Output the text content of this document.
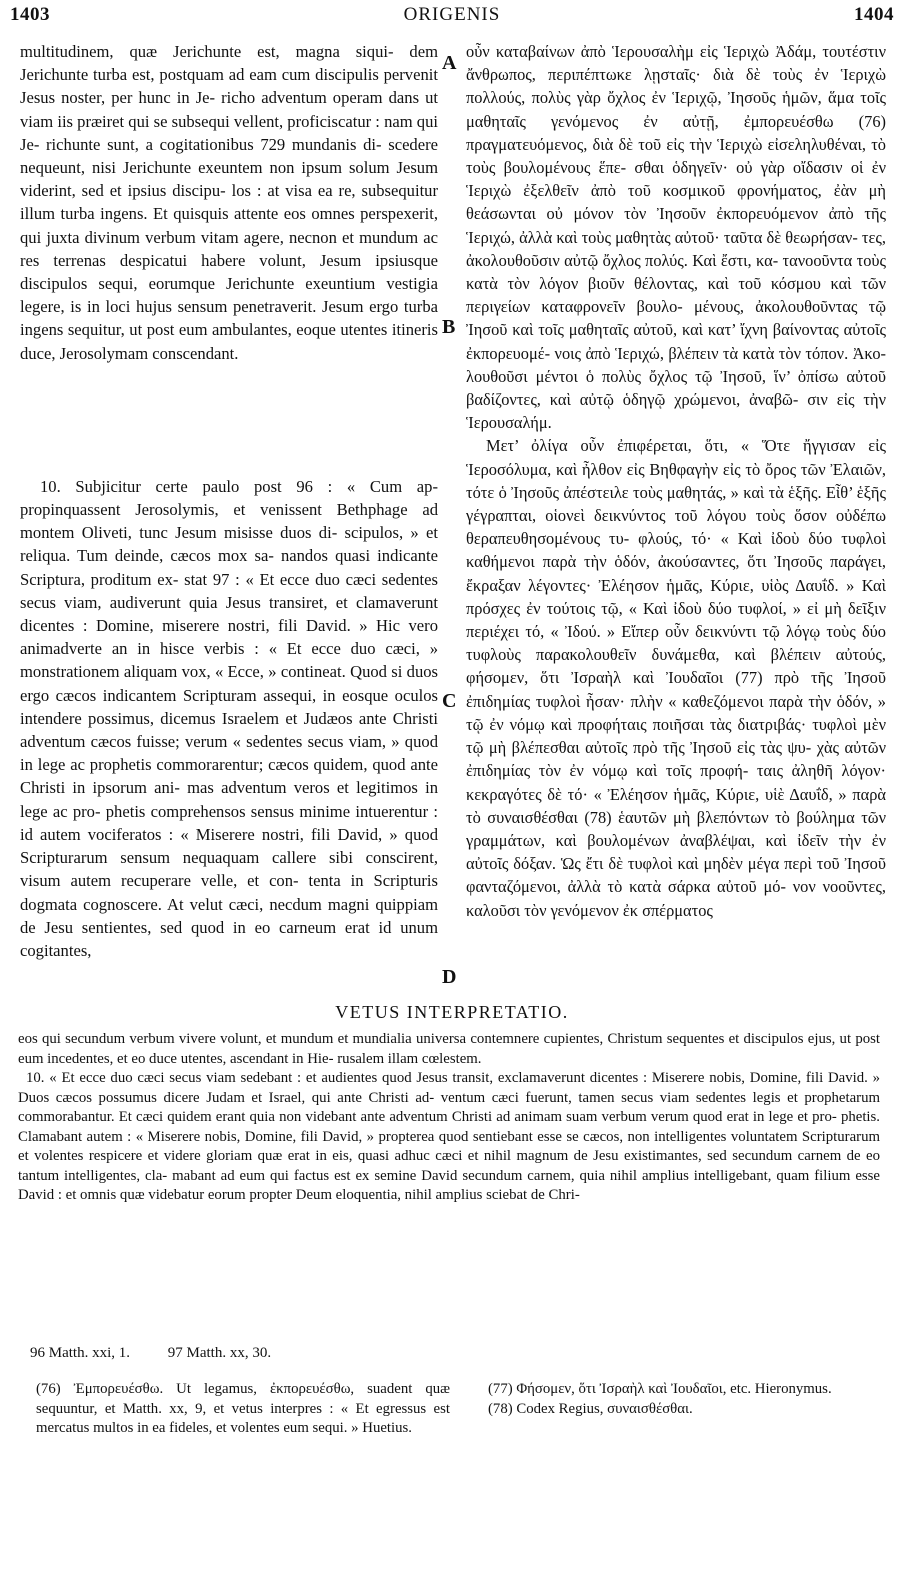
1403	ORIGENIS	1404

multitudinem, quæ Jerichunte est, magna siqui- dem Jerichunte turba est, postquam ad eam cum discipulis pervenit Jesus noster, per hunc in Je- richo adventum operam dans ut viam iis præiret qui se subsequi vellent, proficiscatur : nam qui Je- richunte sunt, a cogitationibus 729 mundanis di- scedere nequeunt, nisi Jerichunte exeuntem non ipsum solum Jesum viderint, sed et ipsius discipu- los : at visa ea re, subsequitur illum turba ingens. Et quisquis attente eos omnes perspexerit, qui juxta divinum verbum vitam agere, necnon et mundum ac res terrenas despicatui habere volunt, Jesum ipsiusque discipulos sequi, eorumque Jerichunte exeuntium vestigia legere, is in loci hujus sensum penetraverit. Jesum ergo turba ingens sequitur, ut post eum ambulantes, eoque utentes itineris duce, Jerosolymam conscendant.

10. Subjicitur certe paulo post 96 : « Cum ap- propinquassent Jerosolymis, et venissent Bethphage ad montem Oliveti, tunc Jesum misisse duos di- scipulos, » et reliqua. Tum deinde, cæcos mox sa- nandos quasi indicante Scriptura, proditum ex- stat 97 : « Et ecce duo cæci sedentes secus viam, audiverunt quia Jesus transiret, et clamaverunt dicentes : Domine, miserere nostri, fili David. » Hic vero animadverte an in hisce verbis : « Et ecce duo cæci, » monstrationem aliquam vox, « Ecce, » contineat. Quod si duos ergo cæcos indicantem Scripturam assequi, in eosque oculos intendere possimus, dicemus Israelem et Judæos ante Christi adventum cæcos fuisse; verum « sedentes secus viam, » quod in lege ac prophetis commorarentur; cæcos quidem, quod ante Christi in ipsorum ani- mas adventum veros et legitimos in lege ac pro- phetis comprehensos sensus minime intuerentur : id autem vociferatos : « Miserere nostri, fili David, » quod Scripturarum sensum nequaquam callere sibi conscirent, visum autem recuperare velle, et con- tenta in Scripturis dogmata cognoscere. At velut cæci, necdum magni quippiam de Jesu sentientes, sed quod in eo carneum erat id unum cogitantes,

A
B
C
D

οὖν καταβαίνων ἀπὸ Ἱερουσαλὴμ εἰς Ἱεριχὼ Ἀδάμ, τουτέστιν ἄνθρωπος, περιπέπτωκε λῃσταῖς· διὰ δὲ τοὺς ἐν Ἱεριχὼ πολλούς, πολὺς γὰρ ὄχλος ἐν Ἱεριχῷ, Ἰησοῦς ἡμῶν, ἅμα τοῖς μαθηταῖς γενόμενος ἐν αὐτῇ, ἐμπορευέσθω (76) πραγματευόμενος, διὰ δὲ τοῦ εἰς τὴν Ἱεριχὼ εἰσεληλυθέναι, τὸ τοὺς βουλομένους ἕπε- σθαι ὁδηγεῖν· οὐ γὰρ οἴδασιν οἱ ἐν Ἱεριχὼ ἐξελθεῖν ἀπὸ τοῦ κοσμικοῦ φρονήματος, ἐὰν μὴ θεάσωνται οὐ μόνον τὸν Ἰησοῦν ἐκπορευόμενον ἀπὸ τῆς Ἱεριχώ, ἀλλὰ καὶ τοὺς μαθητὰς αὐτοῦ· ταῦτα δὲ θεωρήσαν- τες, ἀκολουθοῦσιν αὐτῷ ὄχλος πολύς. Καὶ ἔστι, κα- τανοοῦντα τοὺς κατὰ τὸν λόγον βιοῦν θέλοντας, καὶ τοῦ κόσμου καὶ τῶν περιγείων καταφρονεῖν βουλο- μένους, ἀκολουθοῦντας τῷ Ἰησοῦ καὶ τοῖς μαθηταῖς αὐτοῦ, καὶ κατ’ ἴχνη βαίνοντας αὐτοῖς ἐκπορευομέ- νοις ἀπὸ Ἱεριχώ, βλέπειν τὰ κατὰ τὸν τόπον. Ἀκο- λουθοῦσι μέντοι ὁ πολὺς ὄχλος τῷ Ἰησοῦ, ἵν’ ὀπίσω αὐτοῦ βαδίζοντες, καὶ αὐτῷ ὁδηγῷ χρώμενοι, ἀναβῶ- σιν εἰς τὴν Ἱερουσαλήμ.

Μετ’ ὀλίγα οὖν ἐπιφέρεται, ὅτι, « Ὅτε ἤγγισαν εἰς Ἱεροσόλυμα, καὶ ἦλθον εἰς Βηθφαγὴν εἰς τὸ ὄρος τῶν Ἐλαιῶν, τότε ὁ Ἰησοῦς ἀπέστειλε τοὺς μαθητάς, » καὶ τὰ ἑξῆς. Εἶθ’ ἑξῆς γέγραπται, οἱονεὶ δεικνύντος τοῦ λόγου τοὺς ὅσον οὐδέπω θεραπευθησομένους τυ- φλούς, τό· « Καὶ ἰδοὺ δύο τυφλοὶ καθήμενοι παρὰ τὴν ὁδόν, ἀκούσαντες, ὅτι Ἰησοῦς παράγει, ἔκραξαν λέγοντες· Ἐλέησον ἡμᾶς, Κύριε, υἱὸς Δαυΐδ. » Καὶ πρόσχες ἐν τούτοις τῷ, « Καὶ ἰδοὺ δύο τυφλοί, » εἰ μὴ δεῖξιν περιέχει τό, « Ἰδού. » Εἴπερ οὖν δεικνύντι τῷ λόγῳ τοὺς δύο τυφλοὺς παρακολουθεῖν δυνάμεθα, καὶ βλέπειν αὐτούς, φήσομεν, ὅτι Ἰσραὴλ καὶ Ἰουδαῖοι (77) πρὸ τῆς Ἰησοῦ ἐπιδημίας τυφλοὶ ἦσαν· πλὴν « καθεζόμενοι παρὰ τὴν ὁδόν, » τῷ ἐν νόμῳ καὶ προφήταις ποιῆσαι τὰς διατριβάς· τυφλοὶ μὲν τῷ μὴ βλέπεσθαι αὐτοῖς πρὸ τῆς Ἰησοῦ εἰς τὰς ψυ- χὰς αὐτῶν ἐπιδημίας τὸν ἐν νόμῳ καὶ τοῖς προφή- ταις ἀληθῆ λόγον· κεκραγότες δὲ τό· « Ἐλέησον ἡμᾶς, Κύριε, υἱὲ Δαυΐδ, » παρὰ τὸ συναισθέσθαι (78) ἑαυτῶν μὴ βλεπόντων τὸ βούλημα τῶν γραμμάτων, καὶ βουλομένων ἀναβλέψαι, καὶ ἰδεῖν τὴν ἐν αὐτοῖς δόξαν. Ὡς ἔτι δὲ τυφλοὶ καὶ μηδὲν μέγα περὶ τοῦ Ἰησοῦ φανταζόμενοι, ἀλλὰ τὸ κατὰ σάρκα αὐτοῦ μό- νον νοοῦντες, καλοῦσι τὸν γενόμενον ἐκ σπέρματος

VETUS INTERPRETATIO.

eos qui secundum verbum vivere volunt, et mundum et mundialia universa contemnere cupientes, Christum sequentes et discipulos ejus, ut post eum incedentes, et eo duce utentes, ascendant in Hie- rusalem illam cœlestem.

10. « Et ecce duo cæci secus viam sedebant : et audientes quod Jesus transit, exclamaverunt dicentes : Miserere nobis, Domine, fili David. » Duos cæcos possumus dicere Judam et Israel, qui ante Christi ad- ventum cæci fuerunt, tamen secus viam sedentes legis et prophetarum commorabantur. Et cæci quidem erant quia non videbant ante adventum Christi ad animam suam verbum verum quod erat in lege et pro- phetis. Clamabant autem : « Miserere nobis, Domine, fili David, » propterea quod sentiebant esse se cæcos, non intelligentes voluntatem Scripturarum et volentes respicere et videre gloriam quæ erat in eis, quasi adhuc cæci et nihil magnum de Jesu existimantes, sed secundum carnem de eo tantum intelligentes, cla- mabant ad eum qui factus est ex semine David secundum carnem, quia nihil amplius intelligebant, quam filium esse David : et omnis quæ videbatur eorum propter Deum eloquentia, nihil amplius sciebat de Chri-

96 Matth. xxi, 1.	97 Matth. xx, 30.

(76) Ἐμπορευέσθω. Ut legamus, ἐκπορευέσθω, suadent quæ sequuntur, et Matth. xx, 9, et vetus interpres : « Et egressus est mercatus multos in ea fideles, et volentes eum sequi. » Huetius.

(77) Φήσομεν, ὅτι Ἰσραὴλ καὶ Ἰουδαῖοι, etc. Hieronymus.

(78) Codex Regius, συναισθέσθαι.
